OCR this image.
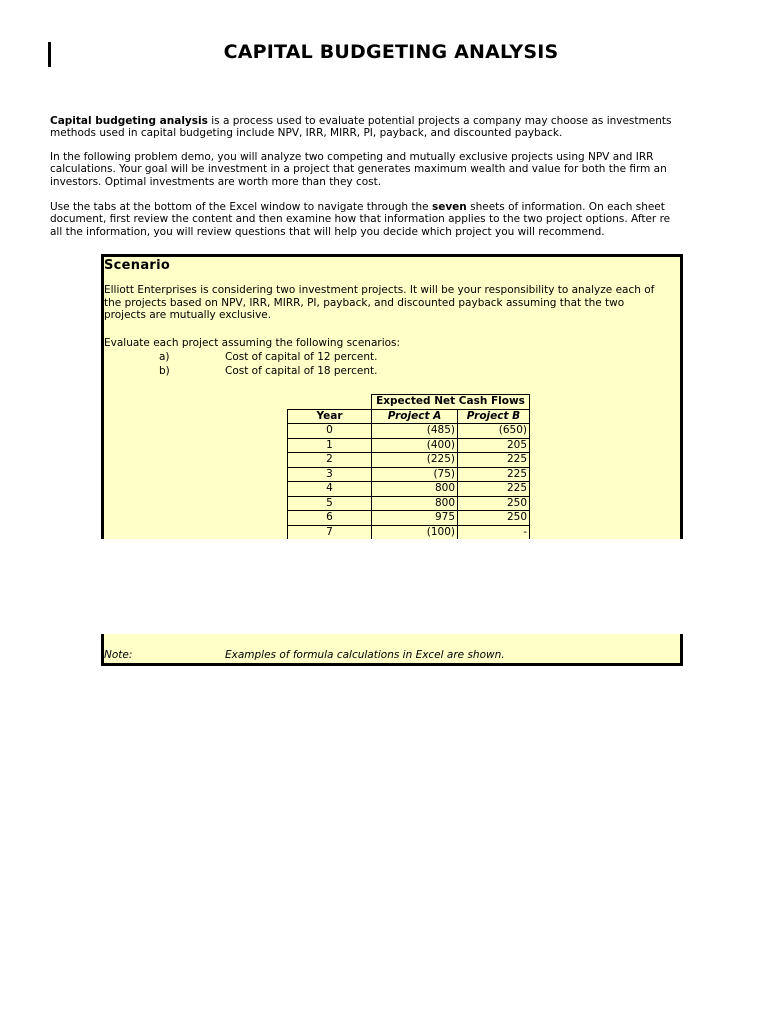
CAPITAL BUDGETING ANALYSIS
Capital budgeting analysis is a process used to evaluate potential projects a company may choose as investments
methods used in capital budgeting include NPV, IRR, MIRR, PI, payback, and discounted payback.
In the following problem demo, you will analyze two competing and mutually exclusive projects using NPV and IRR
calculations. Your goal will be investment in a project that generates maximum wealth and value for both the firm an
investors. Optimal investments are worth more than they cost.
Use the tabs at the bottom of the Excel window to navigate through the seven sheets of information. On each sheet
document, first review the content and then examine how that information applies to the two project options. After re
all the information, you will review questions that will help you decide which project you will recommend.
Scenario
Elliott Enterprises is considering two investment projects. It will be your responsibility to analyze each of
the projects based on NPV, IRR, MIRR, PI, payback, and discounted payback assuming that the two
projects are mutually exclusive.
Evaluate each project assuming the following scenarios:
a)	Cost of capital of 12 percent.
b)	Cost of capital of 18 percent.
	Expected Net Cash Flows	
Year	Project A	Project B
0	(485)	(650)
1	(400)	205
2	(225)	225
3	(75)	225
4	800	225
5	800	250
6	975	250
7	(100)	-
Note:	Examples of formula calculations in Excel are shown.
